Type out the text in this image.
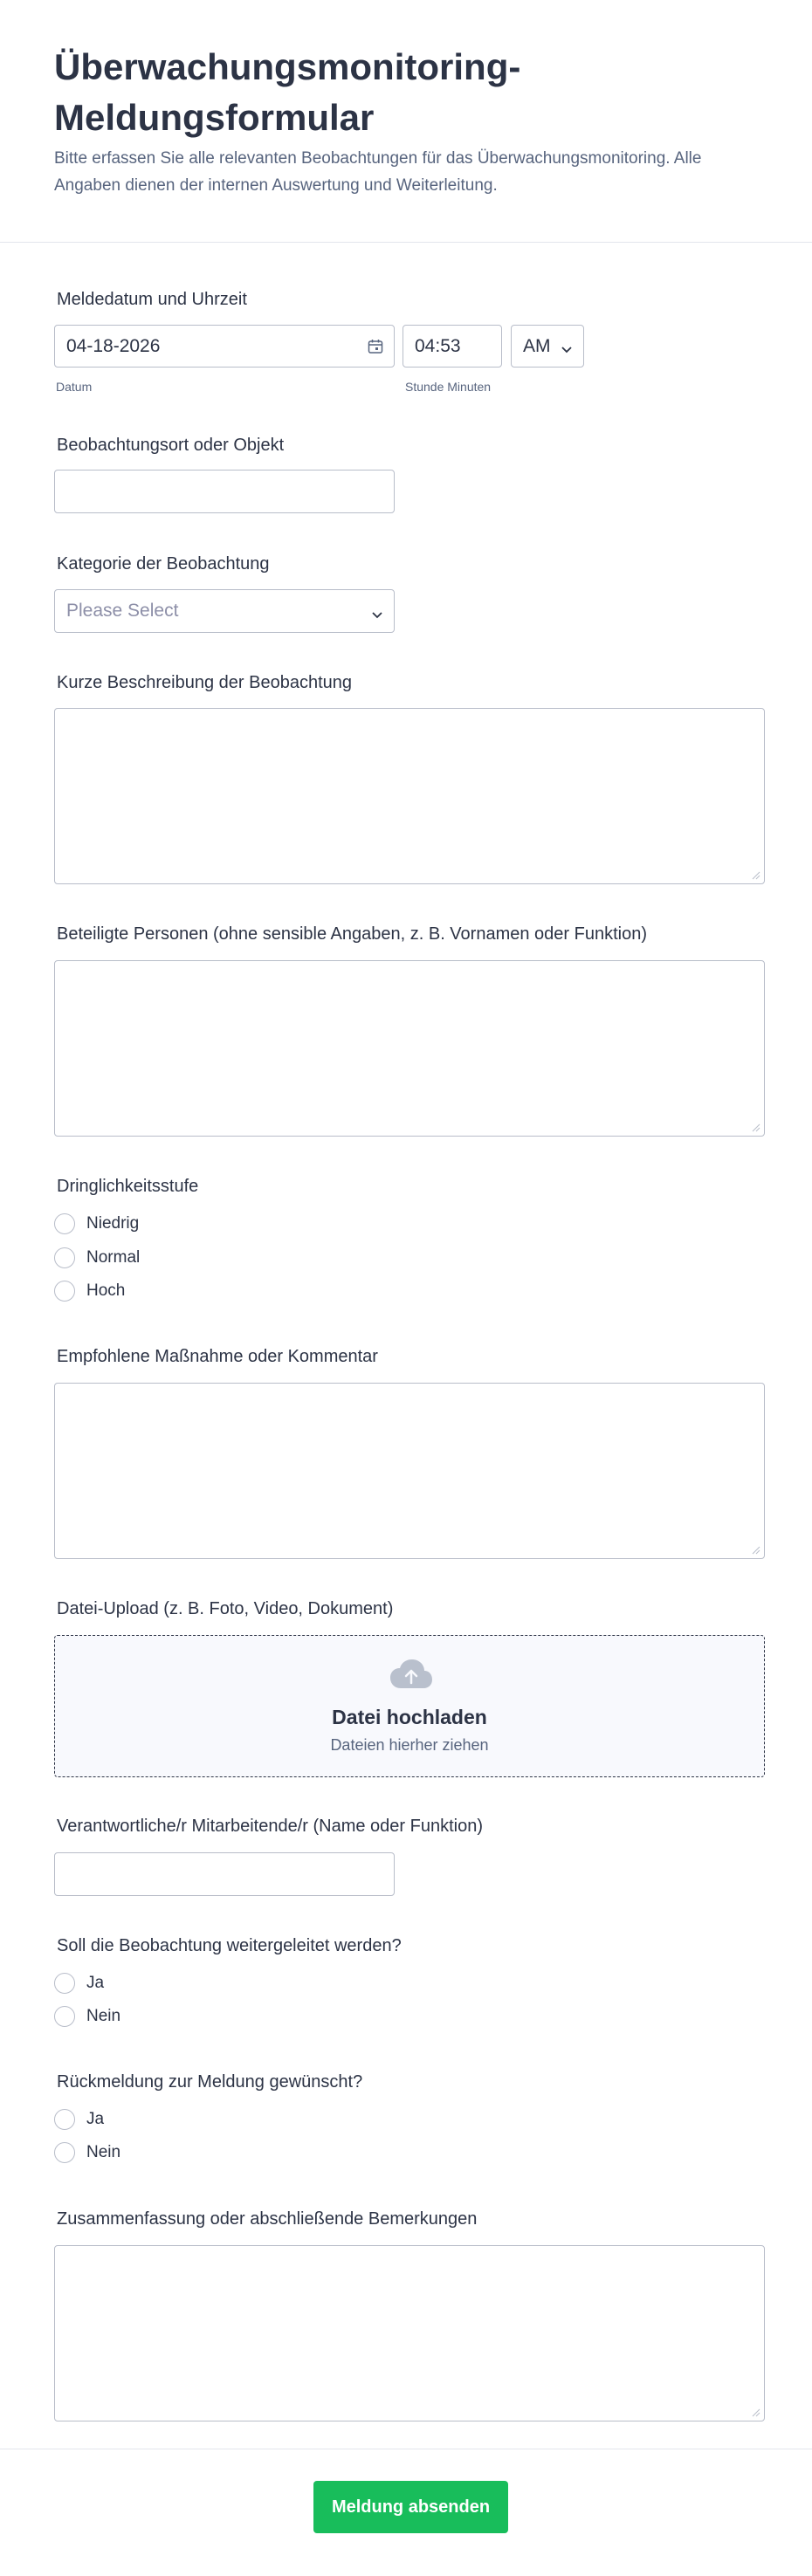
Überwachungsmonitoring-Meldungsformular
Bitte erfassen Sie alle relevanten Beobachtungen für das Überwachungsmonitoring. Alle Angaben dienen der internen Auswertung und Weiterleitung.
Meldedatum und Uhrzeit
04-18-2026	04:53	AM
Datum	Stunde Minuten
Beobachtungsort oder Objekt
Kategorie der Beobachtung
Please Select
Kurze Beschreibung der Beobachtung
Beteiligte Personen (ohne sensible Angaben, z. B. Vornamen oder Funktion)
Dringlichkeitsstufe
Niedrig
Normal
Hoch
Empfohlene Maßnahme oder Kommentar
Datei-Upload (z. B. Foto, Video, Dokument)
Datei hochladen
Dateien hierher ziehen
Verantwortliche/r Mitarbeitende/r (Name oder Funktion)
Soll die Beobachtung weitergeleitet werden?
Ja
Nein
Rückmeldung zur Meldung gewünscht?
Ja
Nein
Zusammenfassung oder abschließende Bemerkungen
Meldung absenden
